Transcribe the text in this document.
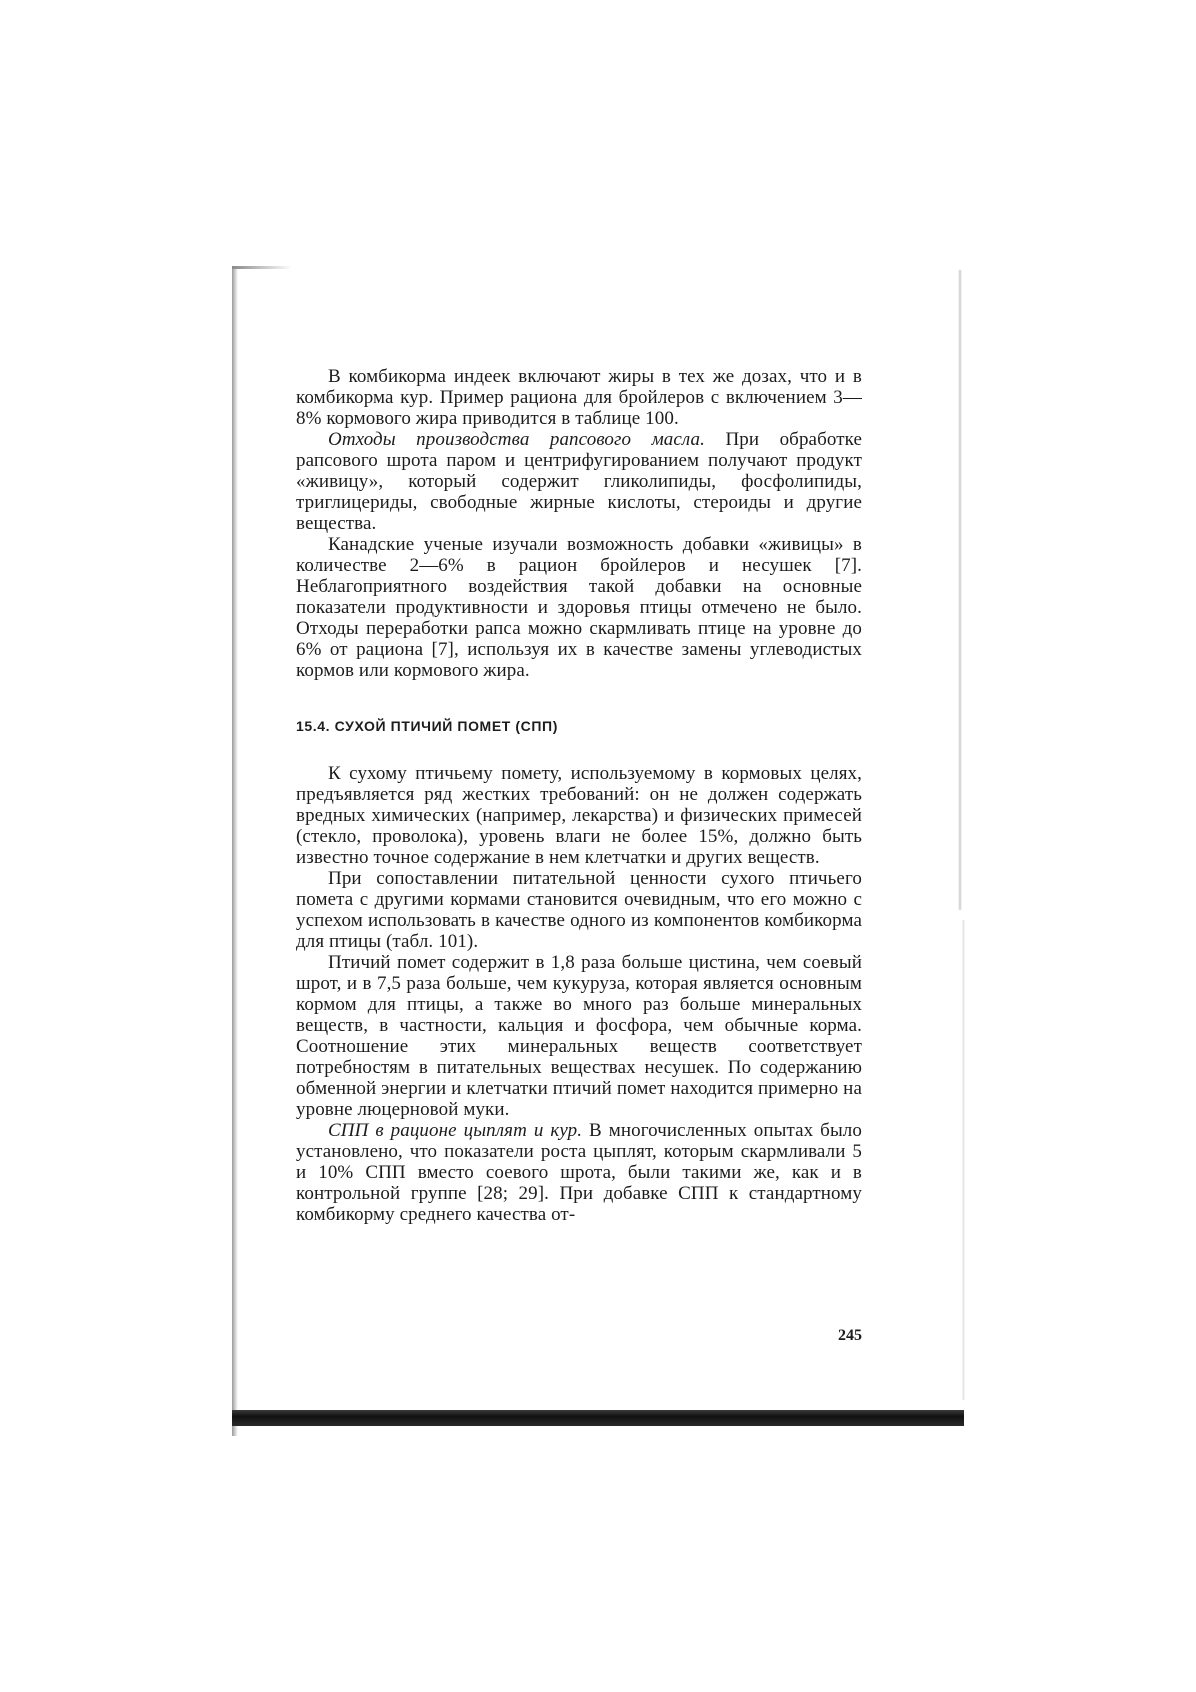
В комбикорма индеек включают жиры в тех же дозах, что и в комбикорма кур. Пример рациона для бройлеров с включением 3—8% кормового жира приводится в таблице 100.

Отходы производства рапсового масла. При обработке рапсового шрота паром и центрифугированием получают продукт «живицу», который содержит гликолипиды, фосфолипиды, триглицериды, свободные жирные кислоты, стероиды и другие вещества.

Канадские ученые изучали возможность добавки «живицы» в количестве 2—6% в рацион бройлеров и несушек [7]. Неблагоприятного воздействия такой добавки на основные показатели продуктивности и здоровья птицы отмечено не было. Отходы переработки рапса можно скармливать птице на уровне до 6% от рациона [7], используя их в качестве замены углеводистых кормов или кормового жира.

15.4. СУХОЙ ПТИЧИЙ ПОМЕТ (СПП)

К сухому птичьему помету, используемому в кормовых целях, предъявляется ряд жестких требований: он не должен содержать вредных химических (например, лекарства) и физических примесей (стекло, проволока), уровень влаги не более 15%, должно быть известно точное содержание в нем клетчатки и других веществ.

При сопоставлении питательной ценности сухого птичьего помета с другими кормами становится очевидным, что его можно с успехом использовать в качестве одного из компонентов комбикорма для птицы (табл. 101).

Птичий помет содержит в 1,8 раза больше цистина, чем соевый шрот, и в 7,5 раза больше, чем кукуруза, которая является основным кормом для птицы, а также во много раз больше минеральных веществ, в частности, кальция и фосфора, чем обычные корма. Соотношение этих минеральных веществ соответствует потребностям в питательных веществах несушек. По содержанию обменной энергии и клетчатки птичий помет находится примерно на уровне люцерновой муки.

СПП в рационе цыплят и кур. В многочисленных опытах было установлено, что показатели роста цыплят, которым скармливали 5 и 10% СПП вместо соевого шрота, были такими же, как и в контрольной группе [28; 29]. При добавке СПП к стандартному комбикорму среднего качества от-

245
